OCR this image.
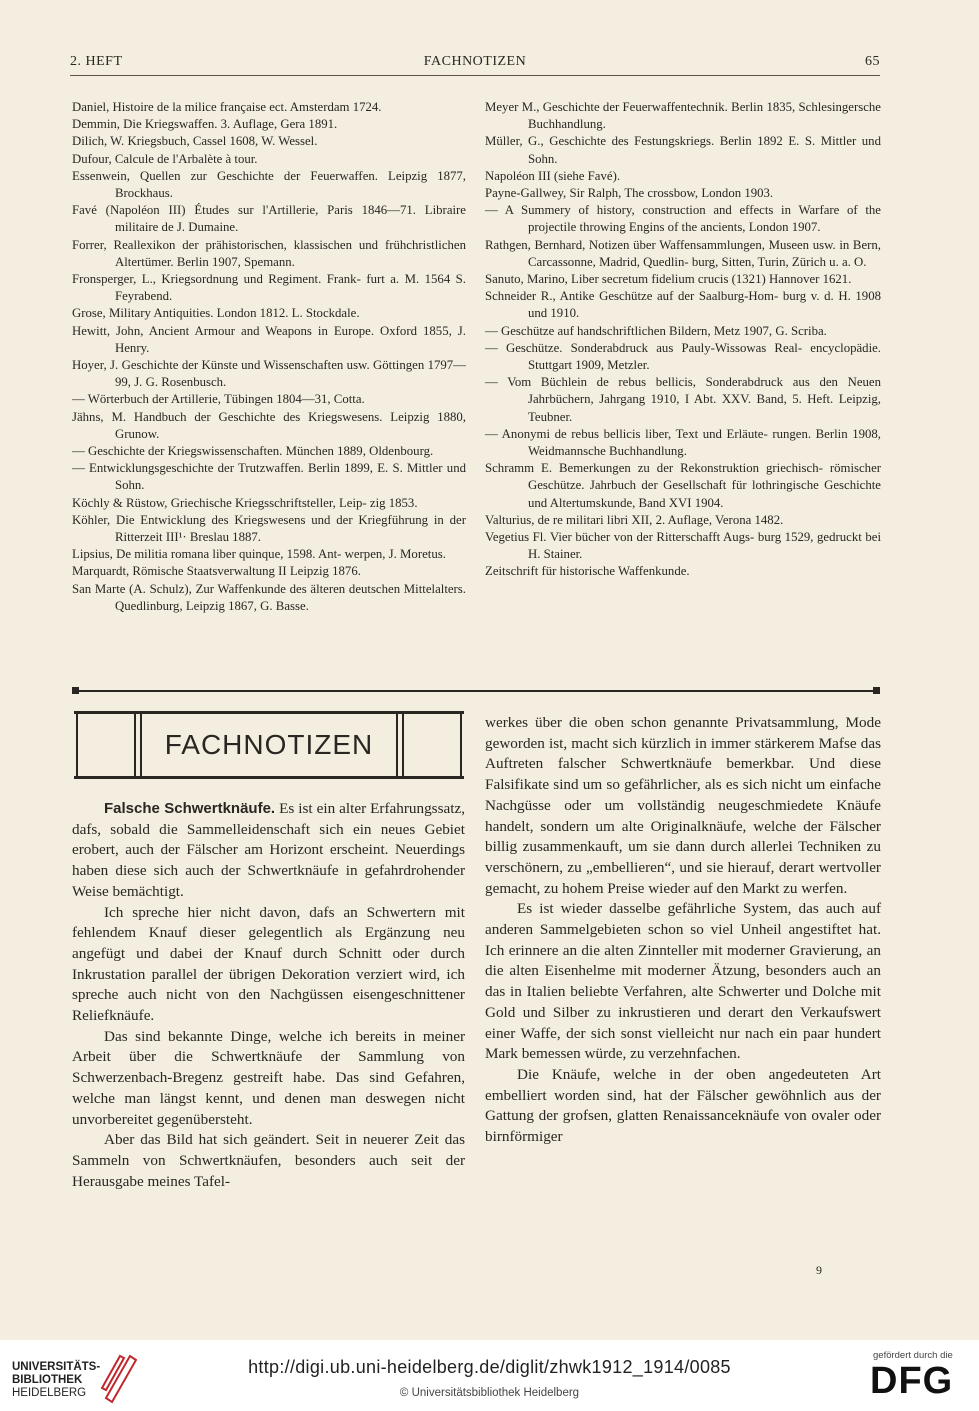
2. HEFT	FACHNOTIZEN	65
Daniel, Histoire de la milice française ect. Amsterdam 1724.
Demmin, Die Kriegswaffen. 3. Auflage, Gera 1891.
Dilich, W. Kriegsbuch, Cassel 1608, W. Wessel.
Dufour, Calcule de l'Arbalète à tour.
Essenwein, Quellen zur Geschichte der Feuerwaffen. Leipzig 1877, Brockhaus.
Favé (Napoléon III) Études sur l'Artillerie, Paris 1846—71. Libraire militaire de J. Dumaine.
Forrer, Reallexikon der prähistorischen, klassischen und frühchristlichen Altertümer. Berlin 1907, Spemann.
Fronsperger, L., Kriegsordnung und Regiment. Frank- furt a. M. 1564 S. Feyrabend.
Grose, Military Antiquities. London 1812. L. Stockdale.
Hewitt, John, Ancient Armour and Weapons in Europe. Oxford 1855, J. Henry.
Hoyer, J. Geschichte der Künste und Wissenschaften usw. Göttingen 1797—99, J. G. Rosenbusch.
— Wörterbuch der Artillerie, Tübingen 1804—31, Cotta.
Jähns, M. Handbuch der Geschichte des Kriegswesens. Leipzig 1880, Grunow.
— Geschichte der Kriegswissenschaften. München 1889, Oldenbourg.
— Entwicklungsgeschichte der Trutzwaffen. Berlin 1899, E. S. Mittler und Sohn.
Köchly & Rüstow, Griechische Kriegsschriftsteller, Leip- zig 1853.
Köhler, Die Entwicklung des Kriegswesens und der Kriegführung in der Ritterzeit III¹· Breslau 1887.
Lipsius, De militia romana liber quinque, 1598. Ant- werpen, J. Moretus.
Marquardt, Römische Staatsverwaltung II Leipzig 1876.
San Marte (A. Schulz), Zur Waffenkunde des älteren deutschen Mittelalters. Quedlinburg, Leipzig 1867, G. Basse.
Meyer M., Geschichte der Feuerwaffentechnik. Berlin 1835, Schlesingersche Buchhandlung.
Müller, G., Geschichte des Festungskriegs. Berlin 1892 E. S. Mittler und Sohn.
Napoléon III (siehe Favé).
Payne-Gallwey, Sir Ralph, The crossbow, London 1903.
— A Summery of history, construction and effects in Warfare of the projectile throwing Engins of the ancients, London 1907.
Rathgen, Bernhard, Notizen über Waffensammlungen, Museen usw. in Bern, Carcassonne, Madrid, Quedlin- burg, Sitten, Turin, Zürich u. a. O.
Sanuto, Marino, Liber secretum fidelium crucis (1321) Hannover 1621.
Schneider R., Antike Geschütze auf der Saalburg-Hom- burg v. d. H. 1908 und 1910.
— Geschütze auf handschriftlichen Bildern, Metz 1907, G. Scriba.
— Geschütze. Sonderabdruck aus Pauly-Wissowas Real- encyclopädie. Stuttgart 1909, Metzler.
— Vom Büchlein de rebus bellicis, Sonderabdruck aus den Neuen Jahrbüchern, Jahrgang 1910, I Abt. XXV. Band, 5. Heft. Leipzig, Teubner.
— Anonymi de rebus bellicis liber, Text und Erläute- rungen. Berlin 1908, Weidmannsche Buchhandlung.
Schramm E. Bemerkungen zu der Rekonstruktion griechisch- römischer Geschütze. Jahrbuch der Gesellschaft für lothringische Geschichte und Altertumskunde, Band XVI 1904.
Valturius, de re militari libri XII, 2. Auflage, Verona 1482.
Vegetius Fl. Vier bücher von der Ritterschafft Augs- burg 1529, gedruckt bei H. Stainer.
Zeitschrift für historische Waffenkunde.
FACHNOTIZEN

Falsche Schwertknäufe. Es ist ein alter Erfahrungssatz, dafs, sobald die Sammelleidenschaft sich ein neues Gebiet erobert, auch der Fälscher am Horizont erscheint. Neuerdings haben diese sich auch der Schwertknäufe in gefahrdrohender Weise bemächtigt.

Ich spreche hier nicht davon, dafs an Schwertern mit fehlendem Knauf dieser gelegentlich als Ergänzung neu angefügt und dabei der Knauf durch Schnitt oder durch Inkrustation parallel der übrigen Dekoration verziert wird, ich spreche auch nicht von den Nachgüssen eisengeschnittener Reliefknäufe.

Das sind bekannte Dinge, welche ich bereits in meiner Arbeit über die Schwertknäufe der Sammlung von Schwerzenbach-Bregenz gestreift habe. Das sind Gefahren, welche man längst kennt, und denen man deswegen nicht unvorbereitet gegenübersteht.

Aber das Bild hat sich geändert. Seit in neuerer Zeit das Sammeln von Schwertknäufen, besonders auch seit der Herausgabe meines Tafel-

werkes über die oben schon genannte Privatsammlung, Mode geworden ist, macht sich kürzlich in immer stärkerem Mafse das Auftreten falscher Schwertknäufe bemerkbar. Und diese Falsifikate sind um so gefährlicher, als es sich nicht um einfache Nachgüsse oder um vollständig neugeschmiedete Knäufe handelt, sondern um alte Originalknäufe, welche der Fälscher billig zusammenkauft, um sie dann durch allerlei Techniken zu verschönern, zu „embellieren“, und sie hierauf, derart wertvoller gemacht, zu hohem Preise wieder auf den Markt zu werfen.

Es ist wieder dasselbe gefährliche System, das auch auf anderen Sammelgebieten schon so viel Unheil angestiftet hat. Ich erinnere an die alten Zinnteller mit moderner Gravierung, an die alten Eisenhelme mit moderner Ätzung, besonders auch an das in Italien beliebte Verfahren, alte Schwerter und Dolche mit Gold und Silber zu inkrustieren und derart den Verkaufswert einer Waffe, der sich sonst vielleicht nur nach ein paar hundert Mark bemessen würde, zu verzehnfachen.

Die Knäufe, welche in der oben angedeuteten Art embelliert worden sind, hat der Fälscher gewöhnlich aus der Gattung der grofsen, glatten Renaissanceknäufe von ovaler oder birnförmiger

9
UNIVERSITÄTS-
BIBLIOTHEK
HEIDELBERG
http://digi.ub.uni-heidelberg.de/diglit/zhwk1912_1914/0085
© Universitätsbibliothek Heidelberg
gefördert durch die
DFG
